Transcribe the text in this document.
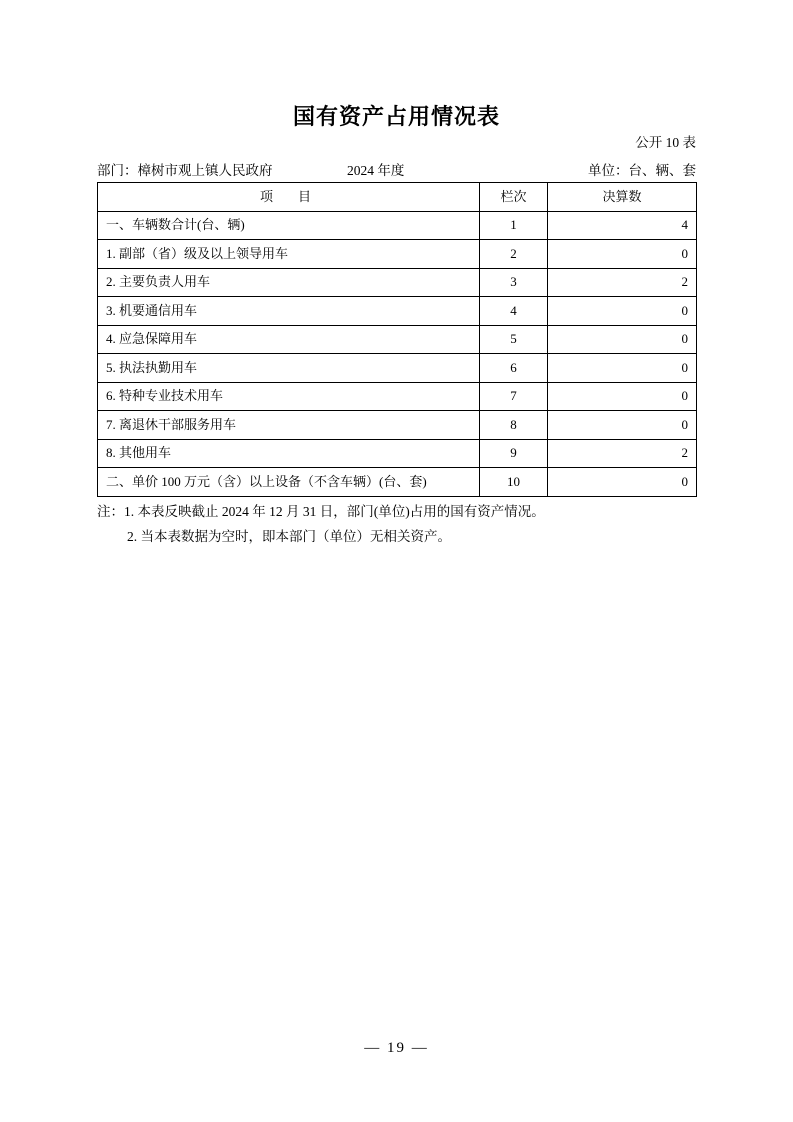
国有资产占用情况表
公开 10 表
部门：樟树市观上镇人民政府	2024 年度	单位：台、辆、套
项　目	栏次	决算数
一、车辆数合计(台、辆)	1	4
1. 副部（省）级及以上领导用车	2	0
2. 主要负责人用车	3	2
3. 机要通信用车	4	0
4. 应急保障用车	5	0
5. 执法执勤用车	6	0
6. 特种专业技术用车	7	0
7. 离退休干部服务用车	8	0
8. 其他用车	9	2
二、单价 100 万元（含）以上设备（不含车辆）(台、套)	10	0
注：1. 本表反映截止 2024 年 12 月 31 日，部门(单位)占用的国有资产情况。
2. 当本表数据为空时，即本部门（单位）无相关资产。
— 19 —
